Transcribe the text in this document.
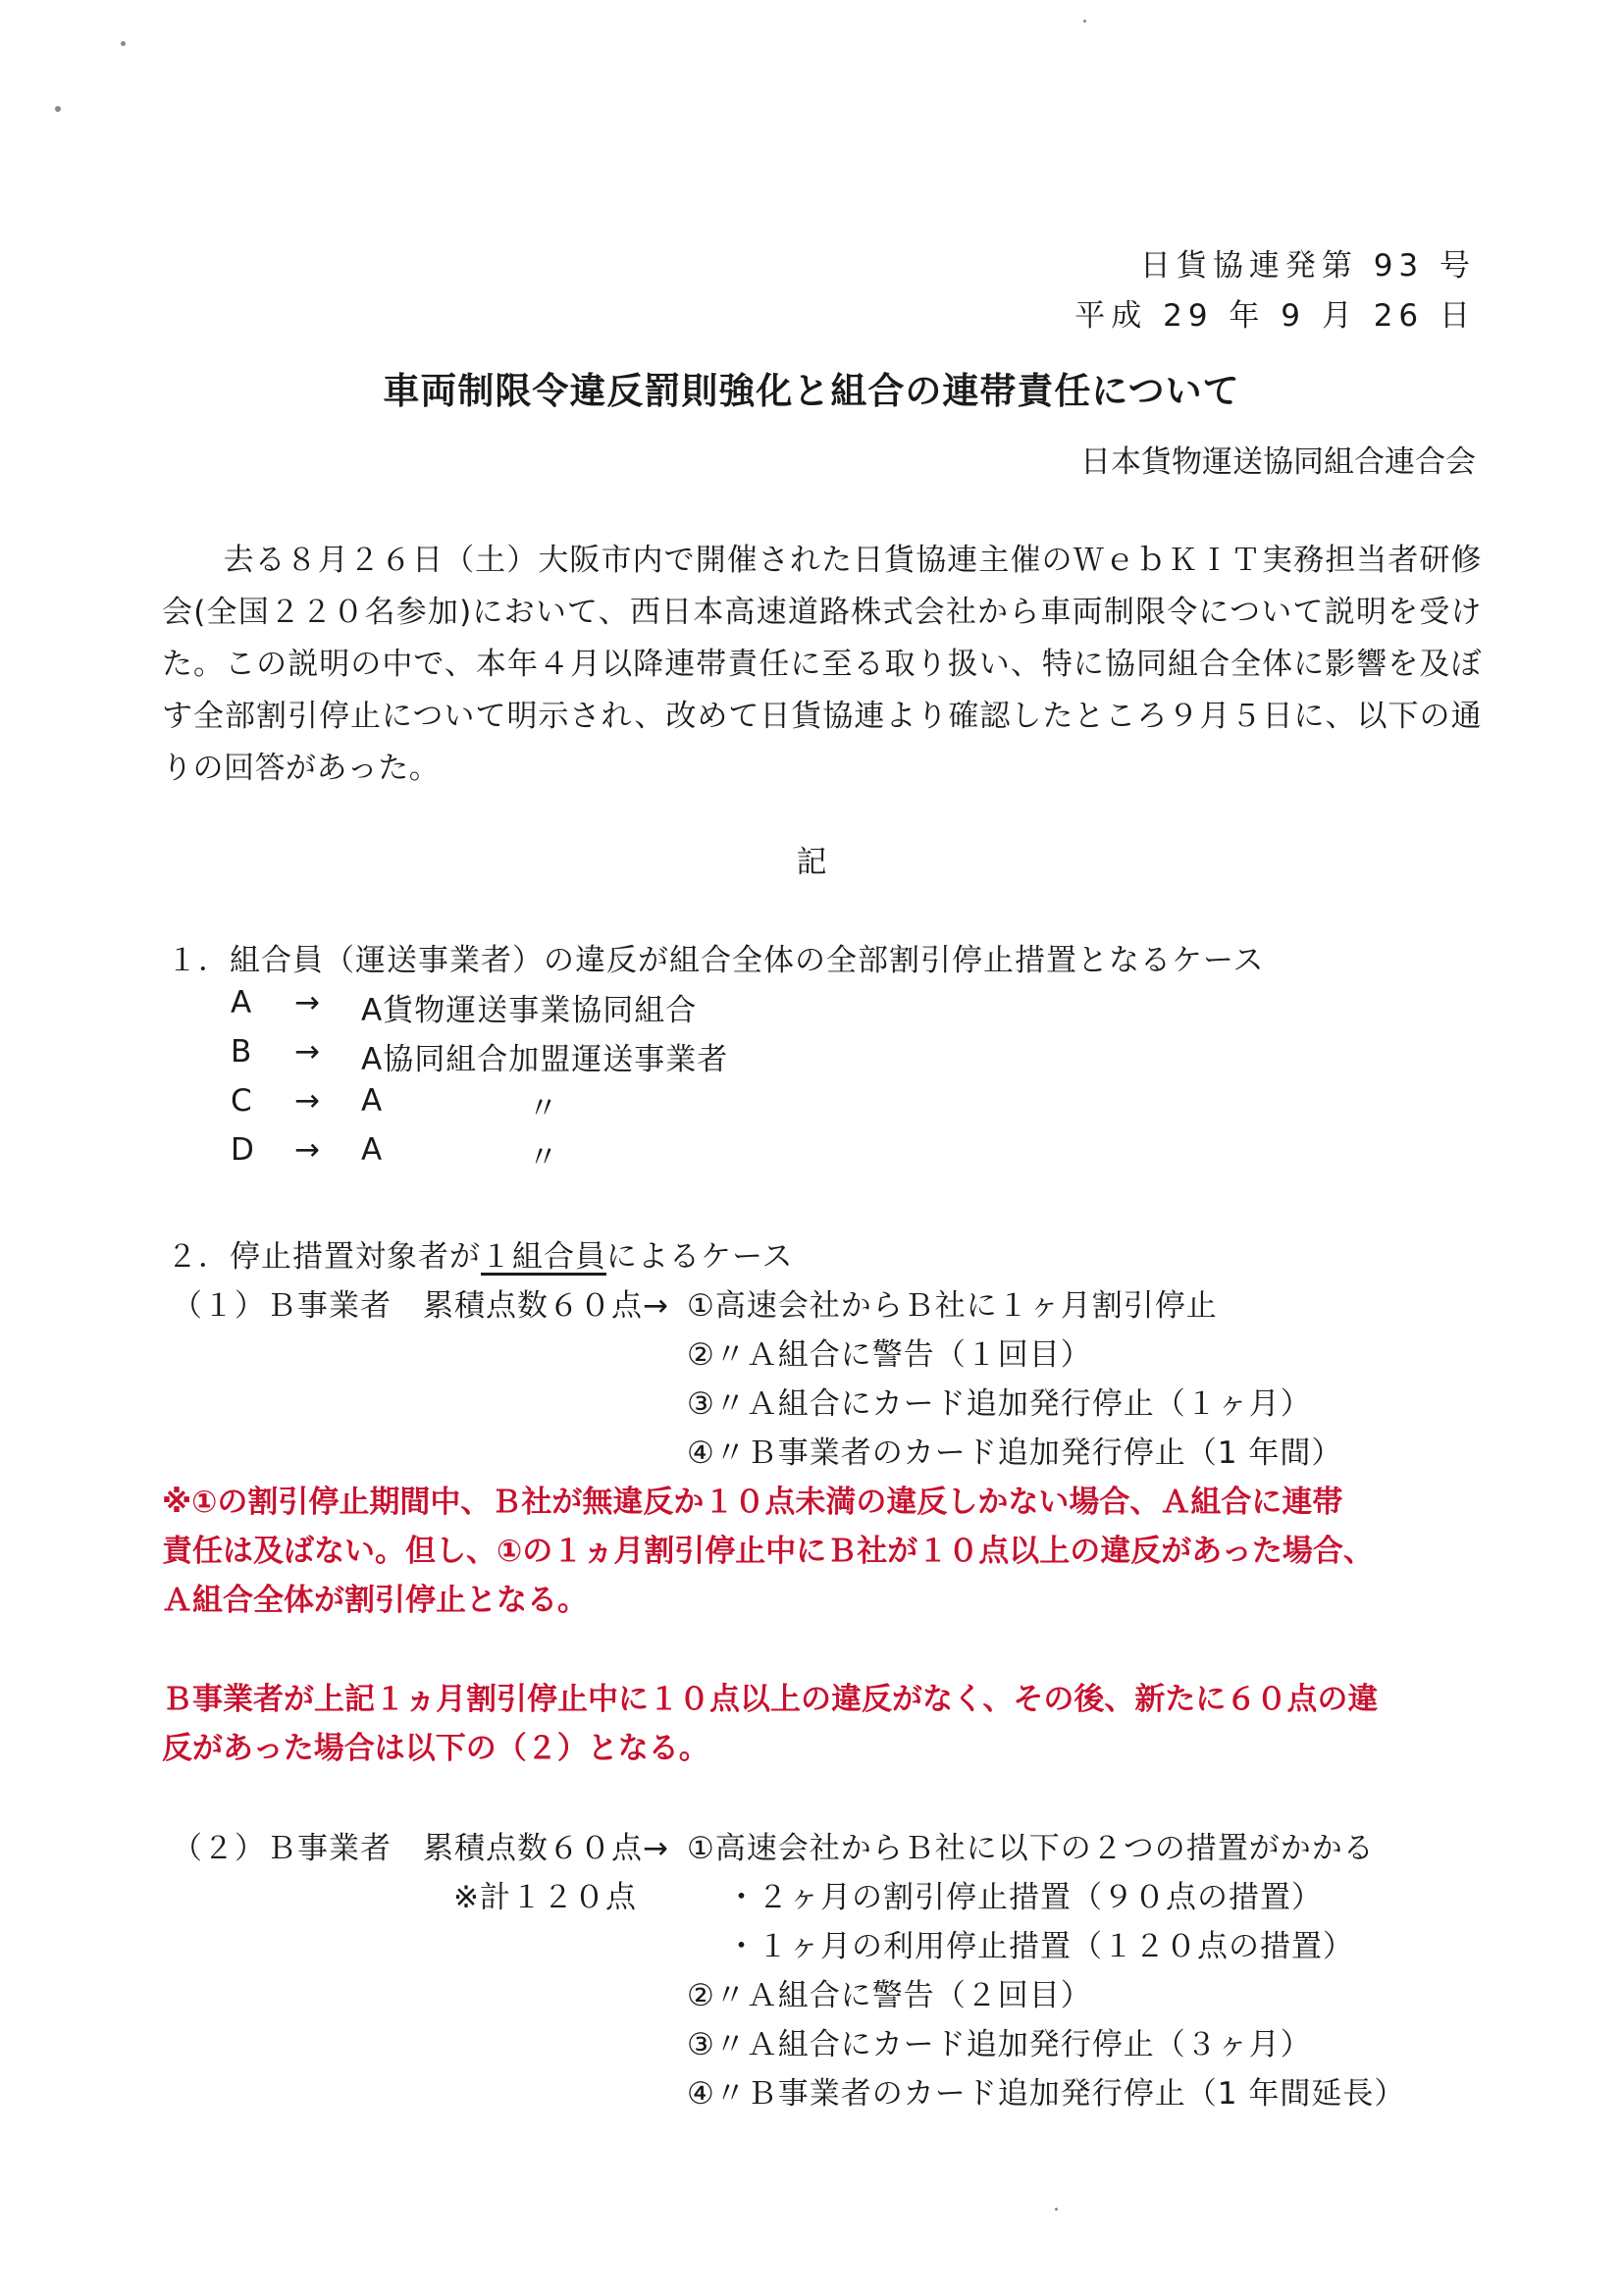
日貨協連発第 93 号
平成 29 年 9 月 26 日
車両制限令違反罰則強化と組合の連帯責任について
日本貨物運送協同組合連合会
去る８月２６日（土）大阪市内で開催された日貨協連主催のＷｅｂＫＩＴ実務担当者研修会(全国２２０名参加)において、西日本高速道路株式会社から車両制限令について説明を受けた。この説明の中で、本年４月以降連帯責任に至る取り扱い、特に協同組合全体に影響を及ぼす全部割引停止について明示され、改めて日貨協連より確認したところ９月５日に、以下の通りの回答があった。
記
１．組合員（運送事業者）の違反が組合全体の全部割引停止措置となるケース
A → A貨物運送事業協同組合
B → A協同組合加盟運送事業者
C → A	〃
D → A	〃
２．停止措置対象者が１組合員によるケース
（１）Ｂ事業者　累積点数６０点→ ①高速会社からＢ社に１ヶ月割引停止
②〃Ａ組合に警告（１回目）
③〃Ａ組合にカード追加発行停止（１ヶ月）
④〃Ｂ事業者のカード追加発行停止（1 年間）
※①の割引停止期間中、Ｂ社が無違反か１０点未満の違反しかない場合、Ａ組合に連帯
責任は及ばない。但し、①の１ヵ月割引停止中にＢ社が１０点以上の違反があった場合、
Ａ組合全体が割引停止となる。
Ｂ事業者が上記１ヵ月割引停止中に１０点以上の違反がなく、その後、新たに６０点の違
反があった場合は以下の（２）となる。
（２）Ｂ事業者　累積点数６０点→ ①高速会社からＢ社に以下の２つの措置がかかる
※計１２０点	・２ヶ月の割引停止措置（９０点の措置）
・１ヶ月の利用停止措置（１２０点の措置）
②〃Ａ組合に警告（２回目）
③〃Ａ組合にカード追加発行停止（３ヶ月）
④〃Ｂ事業者のカード追加発行停止（1 年間延長）
